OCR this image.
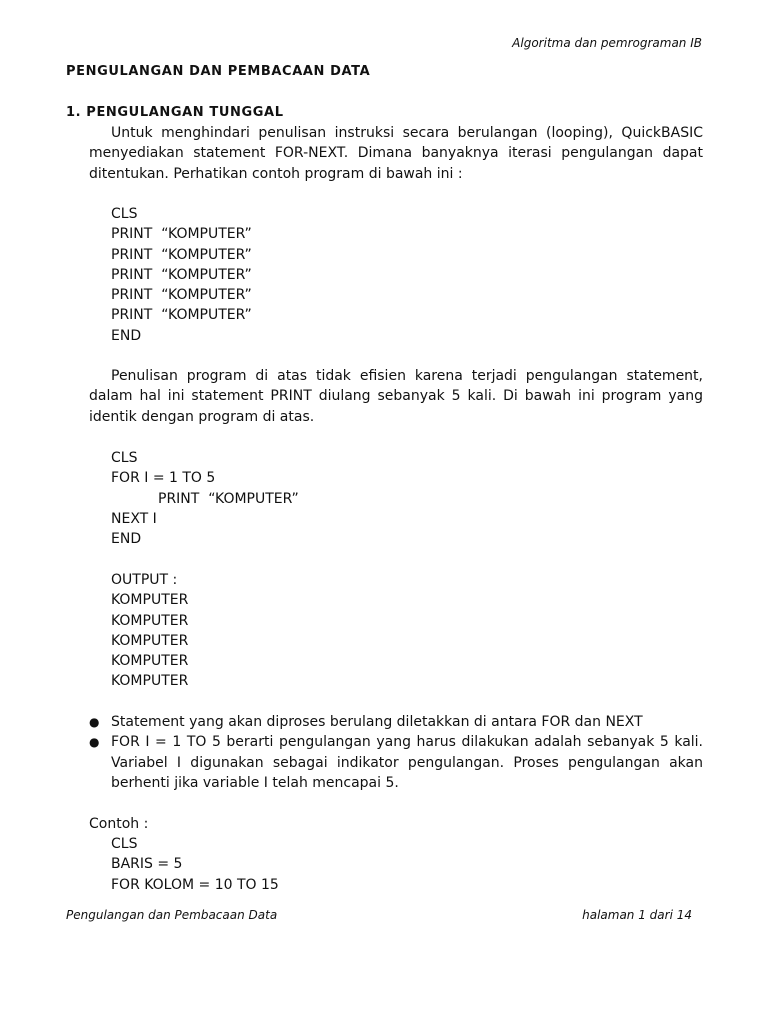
Algoritma dan pemrograman IB
PENGULANGAN DAN PEMBACAAN DATA
1. PENGULANGAN TUNGGAL

Untuk menghindari penulisan instruksi secara berulangan (looping), QuickBASIC menyediakan statement FOR-NEXT. Dimana banyaknya iterasi pengulangan dapat ditentukan. Perhatikan contoh program di bawah ini :

CLS
PRINT  “KOMPUTER”
PRINT  “KOMPUTER”
PRINT  “KOMPUTER”
PRINT  “KOMPUTER”
PRINT  “KOMPUTER”
END

Penulisan program di atas tidak efisien karena terjadi pengulangan statement, dalam hal ini statement PRINT diulang sebanyak 5 kali. Di bawah ini program yang identik dengan program di atas.

CLS
FOR I = 1 TO 5
PRINT  “KOMPUTER”
NEXT I
END
OUTPUT :
KOMPUTER
KOMPUTER
KOMPUTER
KOMPUTER
KOMPUTER
● Statement yang akan diproses berulang diletakkan di antara FOR dan NEXT
● FOR I = 1 TO 5 berarti pengulangan yang harus dilakukan adalah sebanyak 5 kali. Variabel I digunakan sebagai indikator pengulangan. Proses pengulangan akan berhenti jika variable I telah mencapai 5.
Contoh :
CLS
BARIS = 5
FOR KOLOM = 10 TO 15
Pengulangan dan Pembacaan Data	halaman 1 dari 14
